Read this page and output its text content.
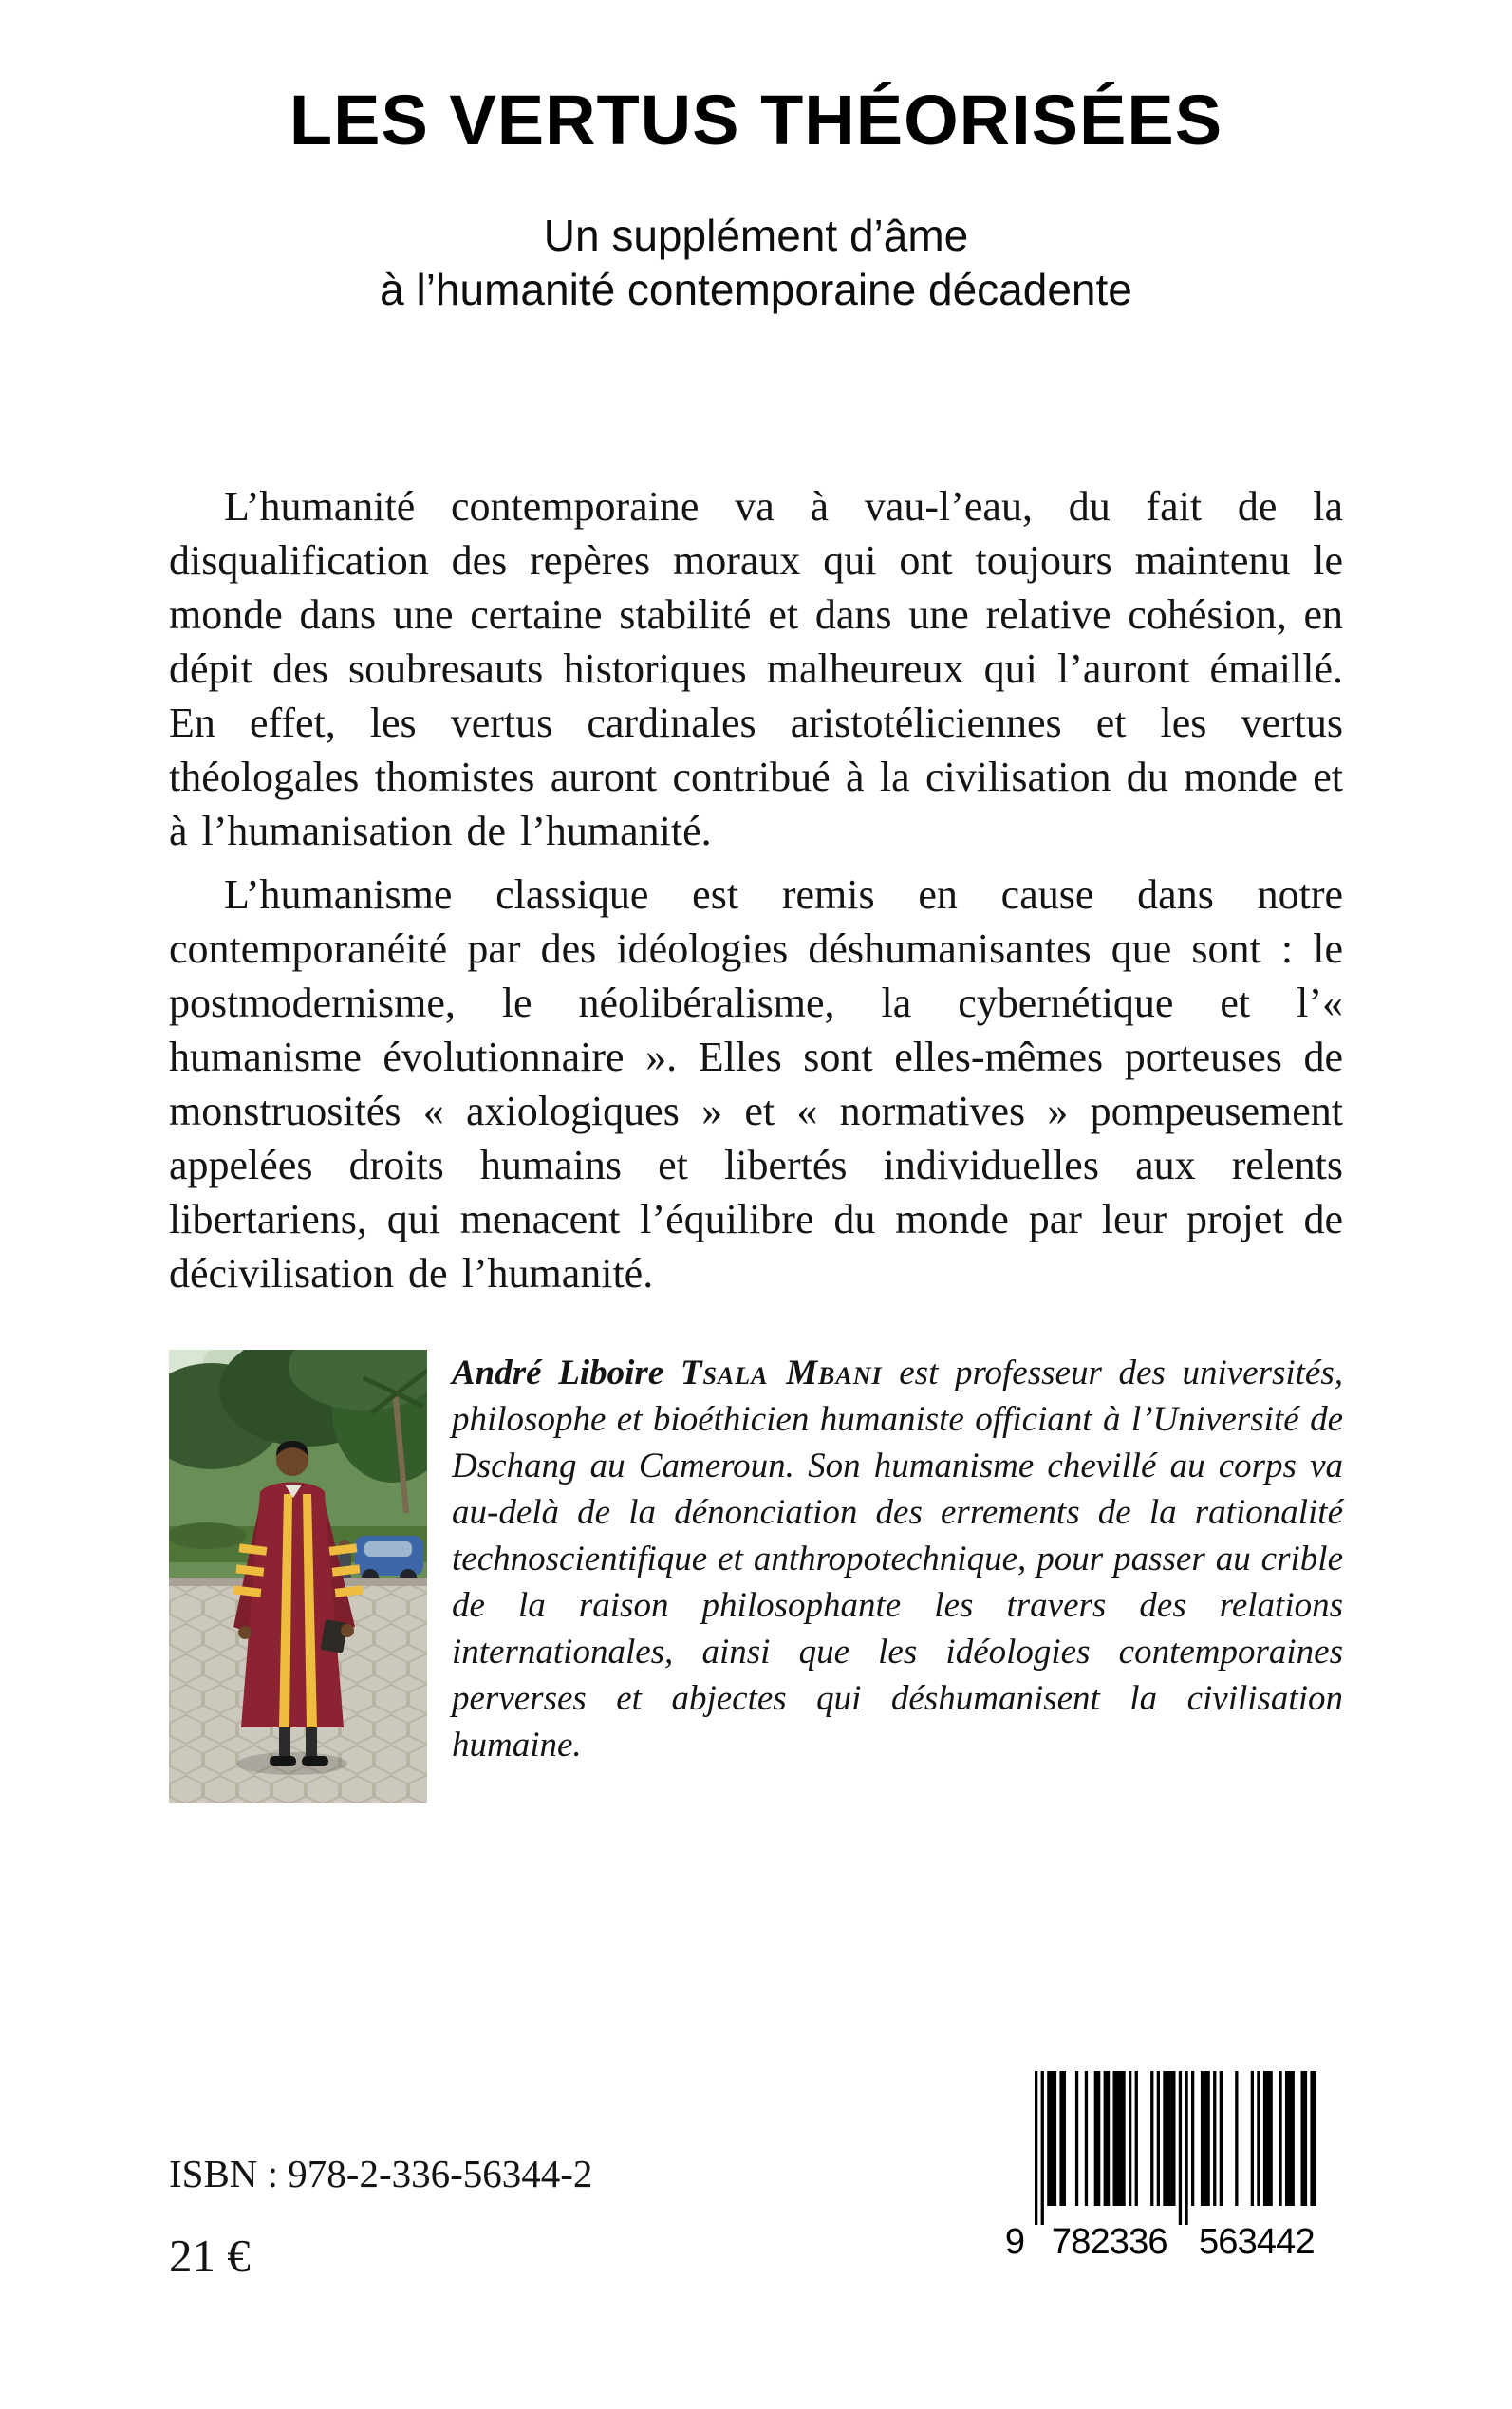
LES VERTUS THÉORISÉES
Un supplément d’âme
à l’humanité contemporaine décadente

L’humanité contemporaine va à vau-l’eau, du fait de la disqualification des repères moraux qui ont toujours maintenu le monde dans une certaine stabilité et dans une relative cohésion, en dépit des soubresauts historiques malheureux qui l’auront émaillé. En effet, les vertus cardinales aristotéliciennes et les vertus théologales thomistes auront contribué à la civilisation du monde et à l’humanisation de l’humanité.

L’humanisme classique est remis en cause dans notre contemporanéité par des idéologies déshumanisantes que sont : le postmodernisme, le néolibéralisme, la cybernétique et l’« humanisme évolutionnaire ». Elles sont elles-mêmes porteuses de monstruosités « axiologiques » et « normatives » pompeusement appelées droits humains et libertés individuelles aux relents libertariens, qui menacent l’équilibre du monde par leur projet de décivilisation de l’humanité.

André Liboire Tsala Mbani est professeur des universités, philosophe et bioéthicien humaniste officiant à l’Université de Dschang au Cameroun. Son humanisme chevillé au corps va au-delà de la dénonciation des errements de la rationalité technoscientifique et anthropotechnique, pour passer au crible de la raison philosophante les travers des relations internationales, ainsi que les idéologies contemporaines perverses et abjectes qui déshumanisent la civilisation humaine.

ISBN : 978-2-336-56344-2
21 €	9 782336 563442
